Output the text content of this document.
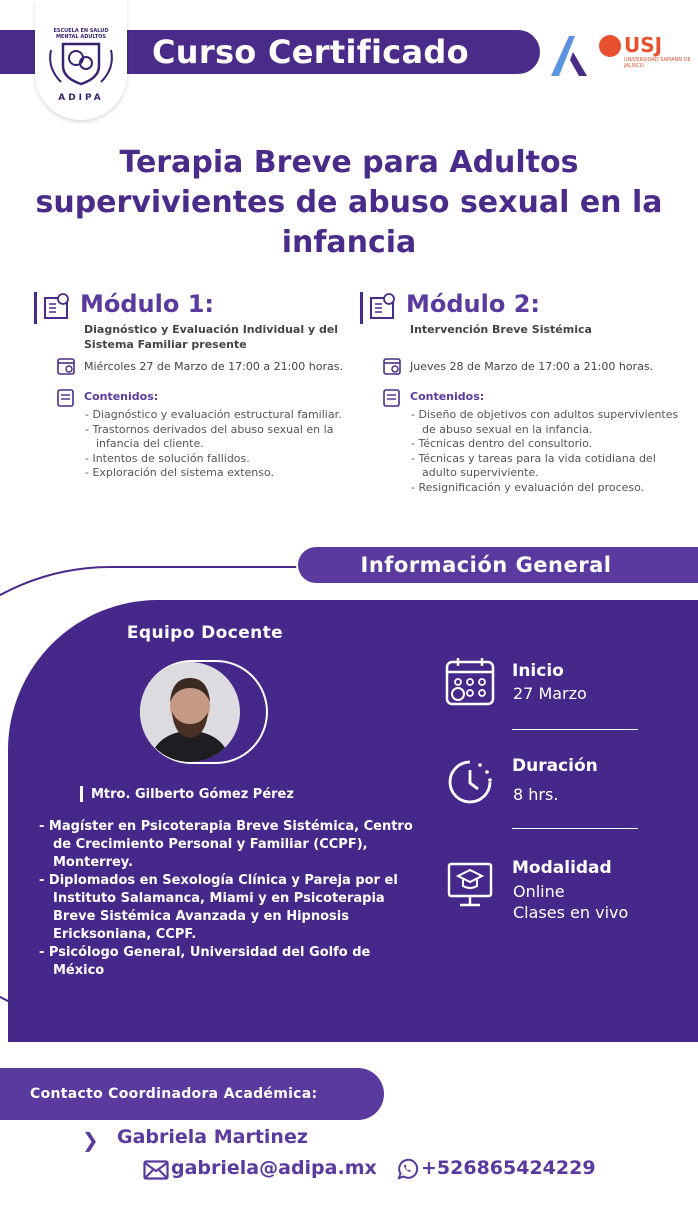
Curso Certificado
ESCUELA EN SALUD MENTAL ADULTOS
ADIPA
USJ
UNIVERSIDAD SAMANN DE JALISCO
Terapia Breve para Adultos supervivientes de abuso sexual en la infancia
Módulo 1:
Diagnóstico y Evaluación Individual y del Sistema Familiar presente
Miércoles 27 de Marzo de 17:00 a 21:00 horas.
Contenidos:
- Diagnóstico y evaluación estructural familiar.
- Trastornos derivados del abuso sexual en la infancia del cliente.
- Intentos de solución fallidos.
- Exploración del sistema extenso.
Módulo 2:
Intervención Breve Sistémica
Jueves 28 de Marzo de 17:00 a 21:00 horas.
Contenidos:
- Diseño de objetivos con adultos supervivientes de abuso sexual en la infancia.
- Técnicas dentro del consultorio.
- Técnicas y tareas para la vida cotidiana del adulto superviviente.
- Resignificación y evaluación del proceso.
Información General
Equipo Docente
Mtro. Gilberto Gómez Pérez
- Magíster en Psicoterapia Breve Sistémica, Centro de Crecimiento Personal y Familiar (CCPF), Monterrey.
- Diplomados en Sexología Clínica y Pareja por el Instituto Salamanca, Miami y en Psicoterapia Breve Sistémica Avanzada y en Hipnosis Ericksoniana, CCPF.
- Psicólogo General, Universidad del Golfo de México
Inicio
27 Marzo
Duración
8 hrs.
Modalidad
Online
Clases en vivo
Contacto Coordinadora Académica:
❯ Gabriela Martinez
gabriela@adipa.mx +526865424229
